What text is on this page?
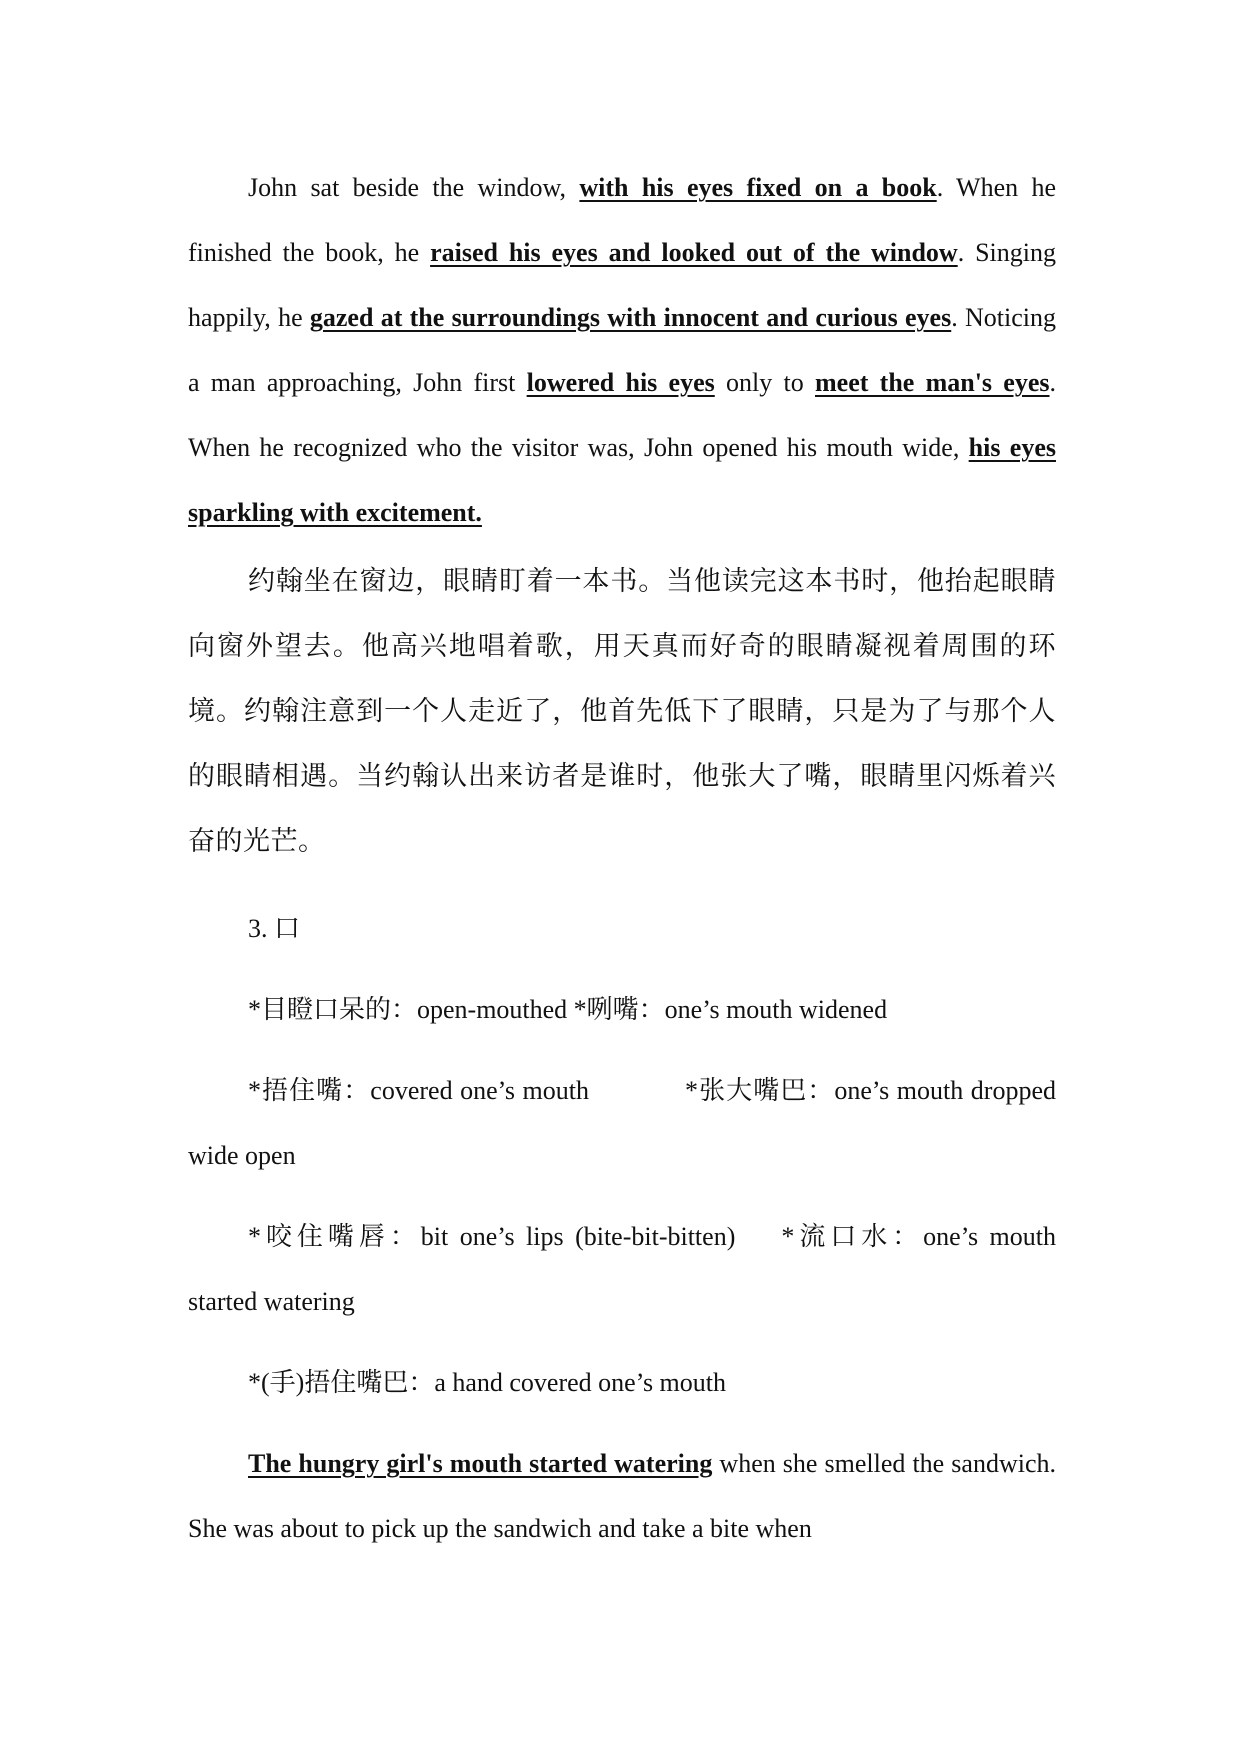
John sat beside the window, with his eyes fixed on a book. When he finished the book, he raised his eyes and looked out of the window. Singing happily, he gazed at the surroundings with innocent and curious eyes. Noticing a man approaching, John first lowered his eyes only to meet the man's eyes. When he recognized who the visitor was, John opened his mouth wide, his eyes sparkling with excitement.

约翰坐在窗边，眼睛盯着一本书。当他读完这本书时，他抬起眼睛向窗外望去。他高兴地唱着歌，用天真而好奇的眼睛凝视着周围的环境。约翰注意到一个人走近了，他首先低下了眼睛，只是为了与那个人的眼睛相遇。当约翰认出来访者是谁时，他张大了嘴，眼睛里闪烁着兴奋的光芒。

3. 口

*目瞪口呆的：open-mouthed *咧嘴：one’s mouth widened

*捂住嘴：covered one’s mouth	*张大嘴巴：one’s mouth dropped wide open

*咬住嘴唇：bit one’s lips (bite-bit-bitten) *流口水：one’s mouth started watering

*(手)捂住嘴巴：a hand covered one’s mouth

The hungry girl's mouth started watering when she smelled the sandwich. She was about to pick up the sandwich and take a bite when
